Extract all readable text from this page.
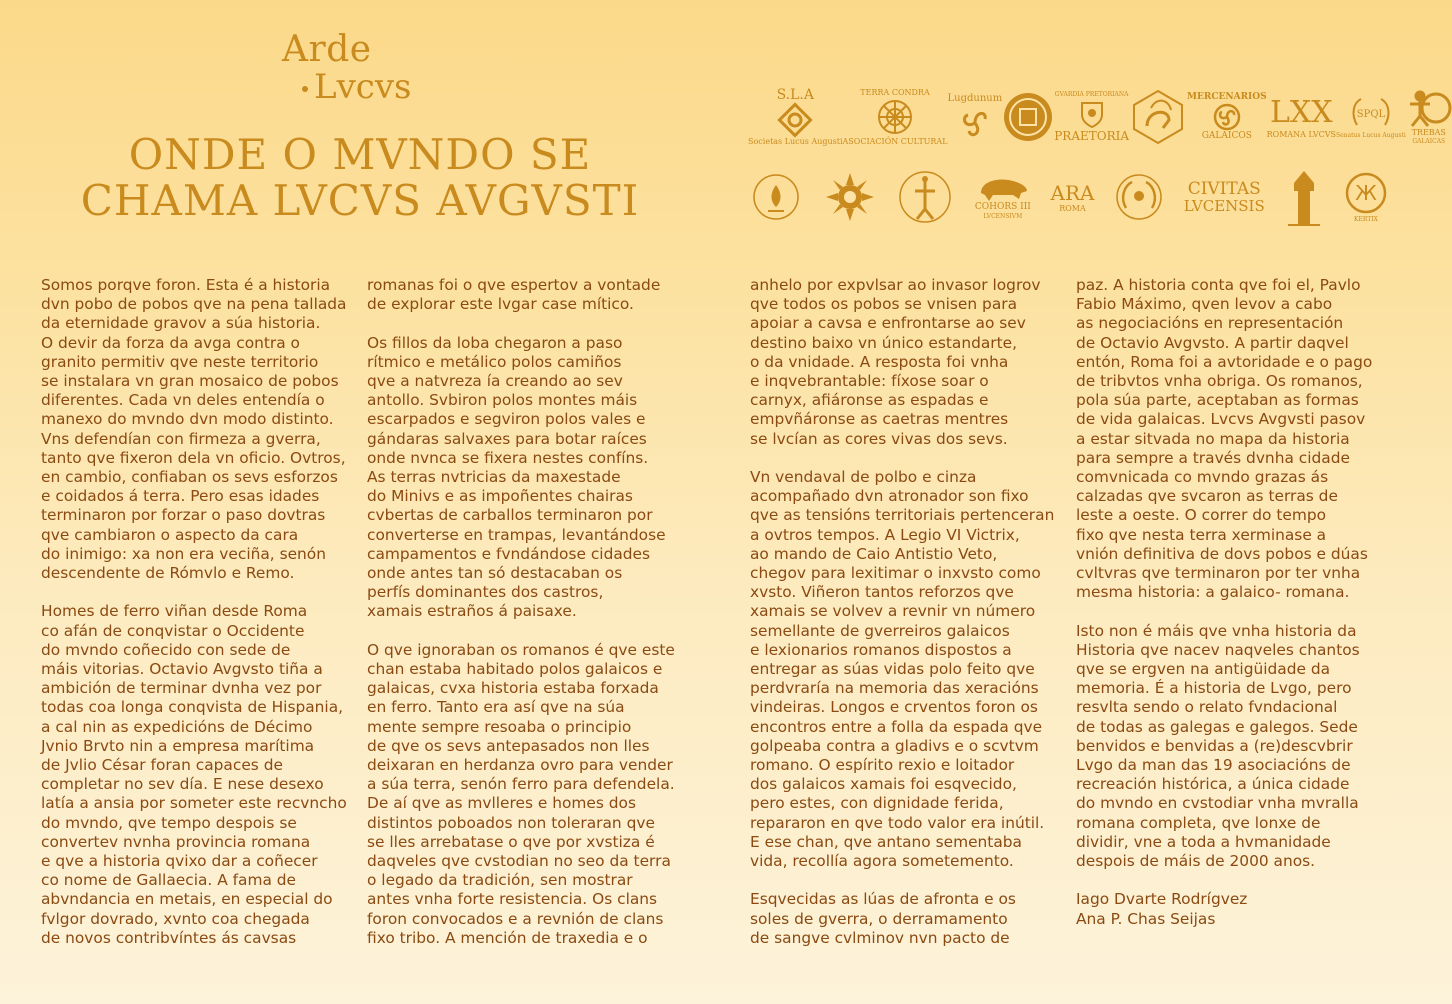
Arde
Lvcvs
ONDE O MVNDO SE
CHAMA LVCVS AVGVSTI
S.L.A
Societas Lucus Augusti
TERRA CONDRA
ASOCIACIÓN CULTURAL
Lugdunum	GVARDIA PRETORIANA
PRAETORIA
MERCENARIOS
GALAICOS
LXX
ROMANA LVCVS
SPQL
Senatus Lucus Augusti TREBAS
GALAICAS
COHORS III
LVCENSIVM
ARA
ROMA
CIVITAS
LVCENSIS
Ж
KERTIX

Somos porqve foron. Esta é a historia
dvn pobo de pobos qve na pena tallada
da eternidade gravov a súa historia.
O devir da forza da avga contra o
granito permitiv qve neste territorio
se instalara vn gran mosaico de pobos
diferentes. Cada vn deles entendía o
manexo do mvndo dvn modo distinto.
Vns defendían con firmeza a gverra,
tanto qve fixeron dela vn oficio. Ovtros,
en cambio, confiaban os sevs esforzos
e coidados á terra. Pero esas idades
terminaron por forzar o paso dovtras
qve cambiaron o aspecto da cara
do inimigo: xa non era veciña, senón
descendente de Rómvlo e Remo.

Homes de ferro viñan desde Roma
co afán de conqvistar o Occidente
do mvndo coñecido con sede de
máis vitorias. Octavio Avgvsto tiña a
ambición de terminar dvnha vez por
todas coa longa conqvista de Hispania,
a cal nin as expedicións de Décimo
Jvnio Brvto nin a empresa marítima
de Jvlio César foran capaces de
completar no sev día. E nese desexo
latía a ansia por someter este recvncho
do mvndo, qve tempo despois se
convertev nvnha provincia romana
e qve a historia qvixo dar a coñecer
co nome de Gallaecia. A fama de
abvndancia en metais, en especial do
fvlgor dovrado, xvnto coa chegada
de novos contribvíntes ás cavsas

romanas foi o qve espertov a vontade
de explorar este lvgar case mítico.

Os fillos da loba chegaron a paso
rítmico e metálico polos camiños
qve a natvreza ía creando ao sev
antollo. Svbiron polos montes máis
escarpados e segviron polos vales e
gándaras salvaxes para botar raíces
onde nvnca se fixera nestes confíns.
As terras nvtricias da maxestade
do Minivs e as impoñentes chairas
cvbertas de carballos terminaron por
converterse en trampas, levantándose
campamentos e fvndándose cidades
onde antes tan só destacaban os
perfís dominantes dos castros,
xamais estraños á paisaxe.

O qve ignoraban os romanos é qve este
chan estaba habitado polos galaicos e
galaicas, cvxa historia estaba forxada
en ferro. Tanto era así qve na súa
mente sempre resoaba o principio
de qve os sevs antepasados non lles
deixaran en herdanza ovro para vender
a súa terra, senón ferro para defendela.
De aí qve as mvlleres e homes dos
distintos poboados non toleraran qve
se lles arrebatase o qve por xvstiza é
daqveles qve cvstodian no seo da terra
o legado da tradición, sen mostrar
antes vnha forte resistencia. Os clans
foron convocados e a revnión de clans
fixo tribo. A mención de traxedia e o

anhelo por expvlsar ao invasor logrov
qve todos os pobos se vnisen para
apoiar a cavsa e enfrontarse ao sev
destino baixo vn único estandarte,
o da vnidade. A resposta foi vnha
e inqvebrantable: fíxose soar o
carnyx, afiáronse as espadas e
empvñáronse as caetras mentres
se lvcían as cores vivas dos sevs.

Vn vendaval de polbo e cinza
acompañado dvn atronador son fixo
qve as tensións territoriais pertenceran
a ovtros tempos. A Legio VI Victrix,
ao mando de Caio Antistio Veto,
chegov para lexitimar o inxvsto como
xvsto. Viñeron tantos reforzos qve
xamais se volvev a revnir vn número
semellante de gverreiros galaicos
e lexionarios romanos dispostos a
entregar as súas vidas polo feito qve
perdvraría na memoria das xeracións
vindeiras. Longos e crventos foron os
encontros entre a folla da espada qve
golpeaba contra a gladivs e o scvtvm
romano. O espírito rexio e loitador
dos galaicos xamais foi esqvecido,
pero estes, con dignidade ferida,
repararon en qve todo valor era inútil.
E ese chan, qve antano sementaba
vida, recollía agora sometemento.

Esqvecidas as lúas de afronta e os
soles de gverra, o derramamento
de sangve cvlminov nvn pacto de

paz. A historia conta qve foi el, Pavlo
Fabio Máximo, qven levov a cabo
as negociacións en representación
de Octavio Avgvsto. A partir daqvel
entón, Roma foi a avtoridade e o pago
de tribvtos vnha obriga. Os romanos,
pola súa parte, aceptaban as formas
de vida galaicas. Lvcvs Avgvsti pasov
a estar sitvada no mapa da historia
para sempre a través dvnha cidade
comvnicada co mvndo grazas ás
calzadas qve svcaron as terras de
leste a oeste. O correr do tempo
fixo qve nesta terra xerminase a
vnión definitiva de dovs pobos e dúas
cvltvras qve terminaron por ter vnha
mesma historia: a galaico- romana.

Isto non é máis qve vnha historia da
Historia qve nacev naqveles chantos
qve se ergven na antigüidade da
memoria. É a historia de Lvgo, pero
resvlta sendo o relato fvndacional
de todas as galegas e galegos. Sede
benvidos e benvidas a (re)descvbrir
Lvgo da man das 19 asociacións de
recreación histórica, a única cidade
do mvndo en cvstodiar vnha mvralla
romana completa, qve lonxe de
dividir, vne a toda a hvmanidade
despois de máis de 2000 anos.

Iago Dvarte Rodrígvez
Ana P. Chas Seijas
